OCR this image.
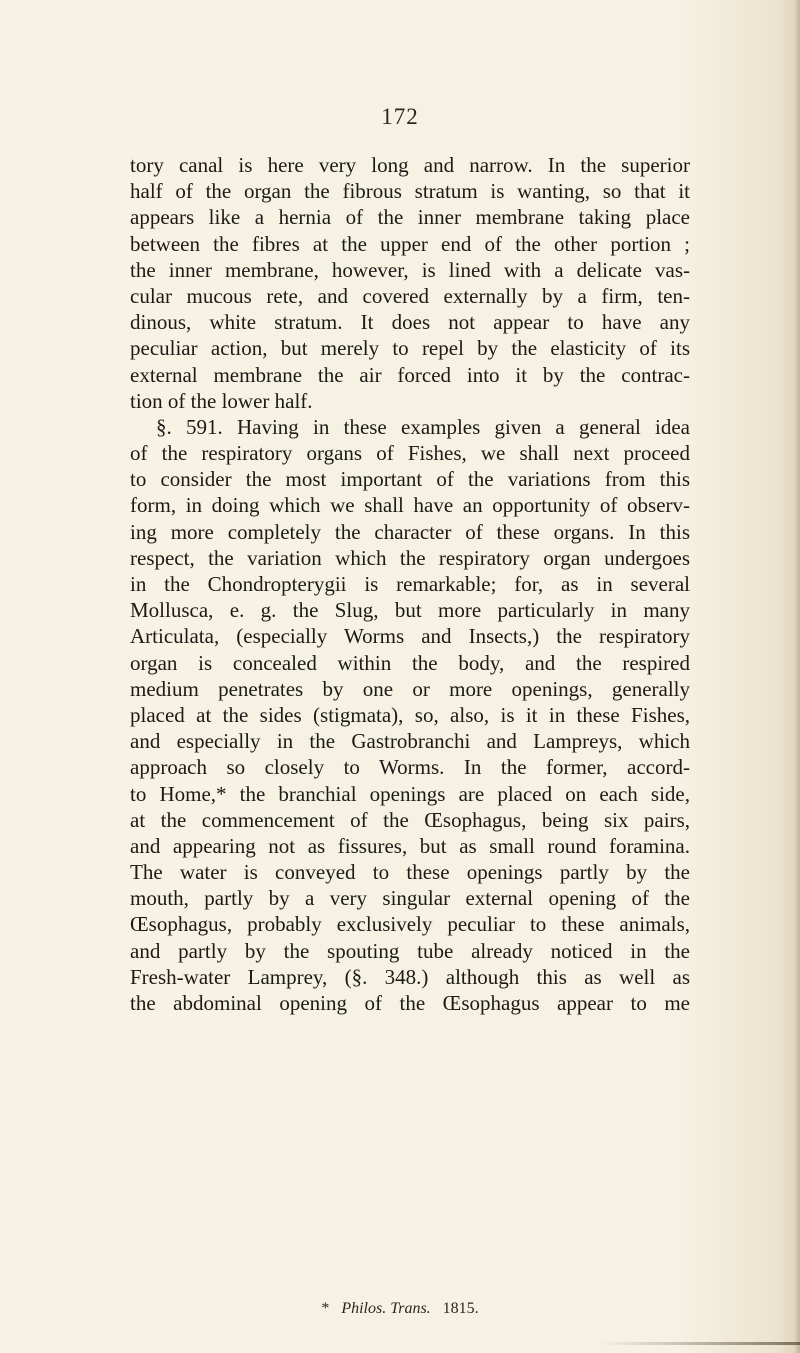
172
tory canal is here very long and narrow. In the superior
half of the organ the fibrous stratum is wanting, so that it
appears like a hernia of the inner membrane taking place
between the fibres at the upper end of the other portion ;
the inner membrane, however, is lined with a delicate vas-
cular mucous rete, and covered externally by a firm, ten-
dinous, white stratum. It does not appear to have any
peculiar action, but merely to repel by the elasticity of its
external membrane the air forced into it by the contrac-
tion of the lower half.
§. 591. Having in these examples given a general idea
of the respiratory organs of Fishes, we shall next proceed
to consider the most important of the variations from this
form, in doing which we shall have an opportunity of observ-
ing more completely the character of these organs. In this
respect, the variation which the respiratory organ undergoes
in the Chondropterygii is remarkable; for, as in several
Mollusca, e. g. the Slug, but more particularly in many
Articulata, (especially Worms and Insects,) the respiratory
organ is concealed within the body, and the respired
medium penetrates by one or more openings, generally
placed at the sides (stigmata), so, also, is it in these Fishes,
and especially in the Gastrobranchi and Lampreys, which
approach so closely to Worms. In the former, accord-
to Home,* the branchial openings are placed on each side,
at the commencement of the Œsophagus, being six pairs,
and appearing not as fissures, but as small round foramina.
The water is conveyed to these openings partly by the
mouth, partly by a very singular external opening of the
Œsophagus, probably exclusively peculiar to these animals,
and partly by the spouting tube already noticed in the
Fresh-water Lamprey, (§. 348.) although this as well as
the abdominal opening of the Œsophagus appear to me
* Philos. Trans. 1815.
